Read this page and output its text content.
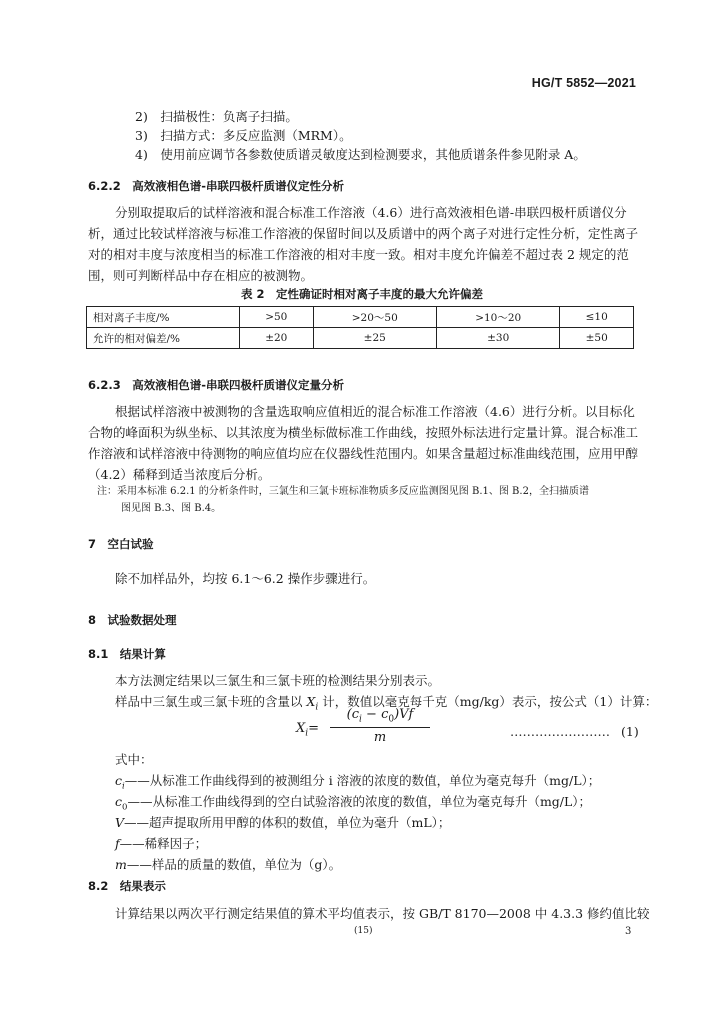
HG/T 5852—2021
2)　扫描极性：负离子扫描。
3)　扫描方式：多反应监测（MRM）。
4)　使用前应调节各参数使质谱灵敏度达到检测要求，其他质谱条件参见附录 A。
6.2.2　高效液相色谱-串联四极杆质谱仪定性分析
分别取提取后的试样溶液和混合标准工作溶液（4.6）进行高效液相色谱-串联四极杆质谱仪分
析，通过比较试样溶液与标准工作溶液的保留时间以及质谱中的两个离子对进行定性分析，定性离子
对的相对丰度与浓度相当的标准工作溶液的相对丰度一致。相对丰度允许偏差不超过表 2 规定的范
围，则可判断样品中存在相应的被测物。
表 2　定性确证时相对离子丰度的最大允许偏差
相对离子丰度/%	>50	>20～50	>10～20	≤10
允许的相对偏差/%	±20	±25	±30	±50
6.2.3　高效液相色谱-串联四极杆质谱仪定量分析
根据试样溶液中被测物的含量选取响应值相近的混合标准工作溶液（4.6）进行分析。以目标化
合物的峰面积为纵坐标、以其浓度为横坐标做标准工作曲线，按照外标法进行定量计算。混合标准工
作溶液和试样溶液中待测物的响应值均应在仪器线性范围内。如果含量超过标准曲线范围，应用甲醇
（4.2）稀释到适当浓度后分析。
注：采用本标准 6.2.1 的分析条件时，三氯生和三氯卡班标准物质多反应监测图见图 B.1、图 B.2，全扫描质谱
图见图 B.3、图 B.4。
7　空白试验
除不加样品外，均按 6.1～6.2 操作步骤进行。
8　试验数据处理
8.1　结果计算
本方法测定结果以三氯生和三氯卡班的检测结果分别表示。
样品中三氯生或三氯卡班的含量以 $X_i$ 计，数值以毫克每千克（mg/kg）表示，按公式（1）计算：
$X_i= \frac{(c_i - c_0)Vf}{m}$	…………………… (1)
式中：
$c_i——$从标准工作曲线得到的被测组分 i 溶液的浓度的数值，单位为毫克每升（mg/L）；
$c_0——$从标准工作曲线得到的空白试验溶液的浓度的数值，单位为毫克每升（mg/L）；
V——超声提取所用甲醇的体积的数值，单位为毫升（mL）；
f——稀释因子；
m——样品的质量的数值，单位为（g）。
8.2　结果表示
计算结果以两次平行测定结果值的算术平均值表示，按 GB/T 8170—2008 中 4.3.3 修约值比较
(15)	3
